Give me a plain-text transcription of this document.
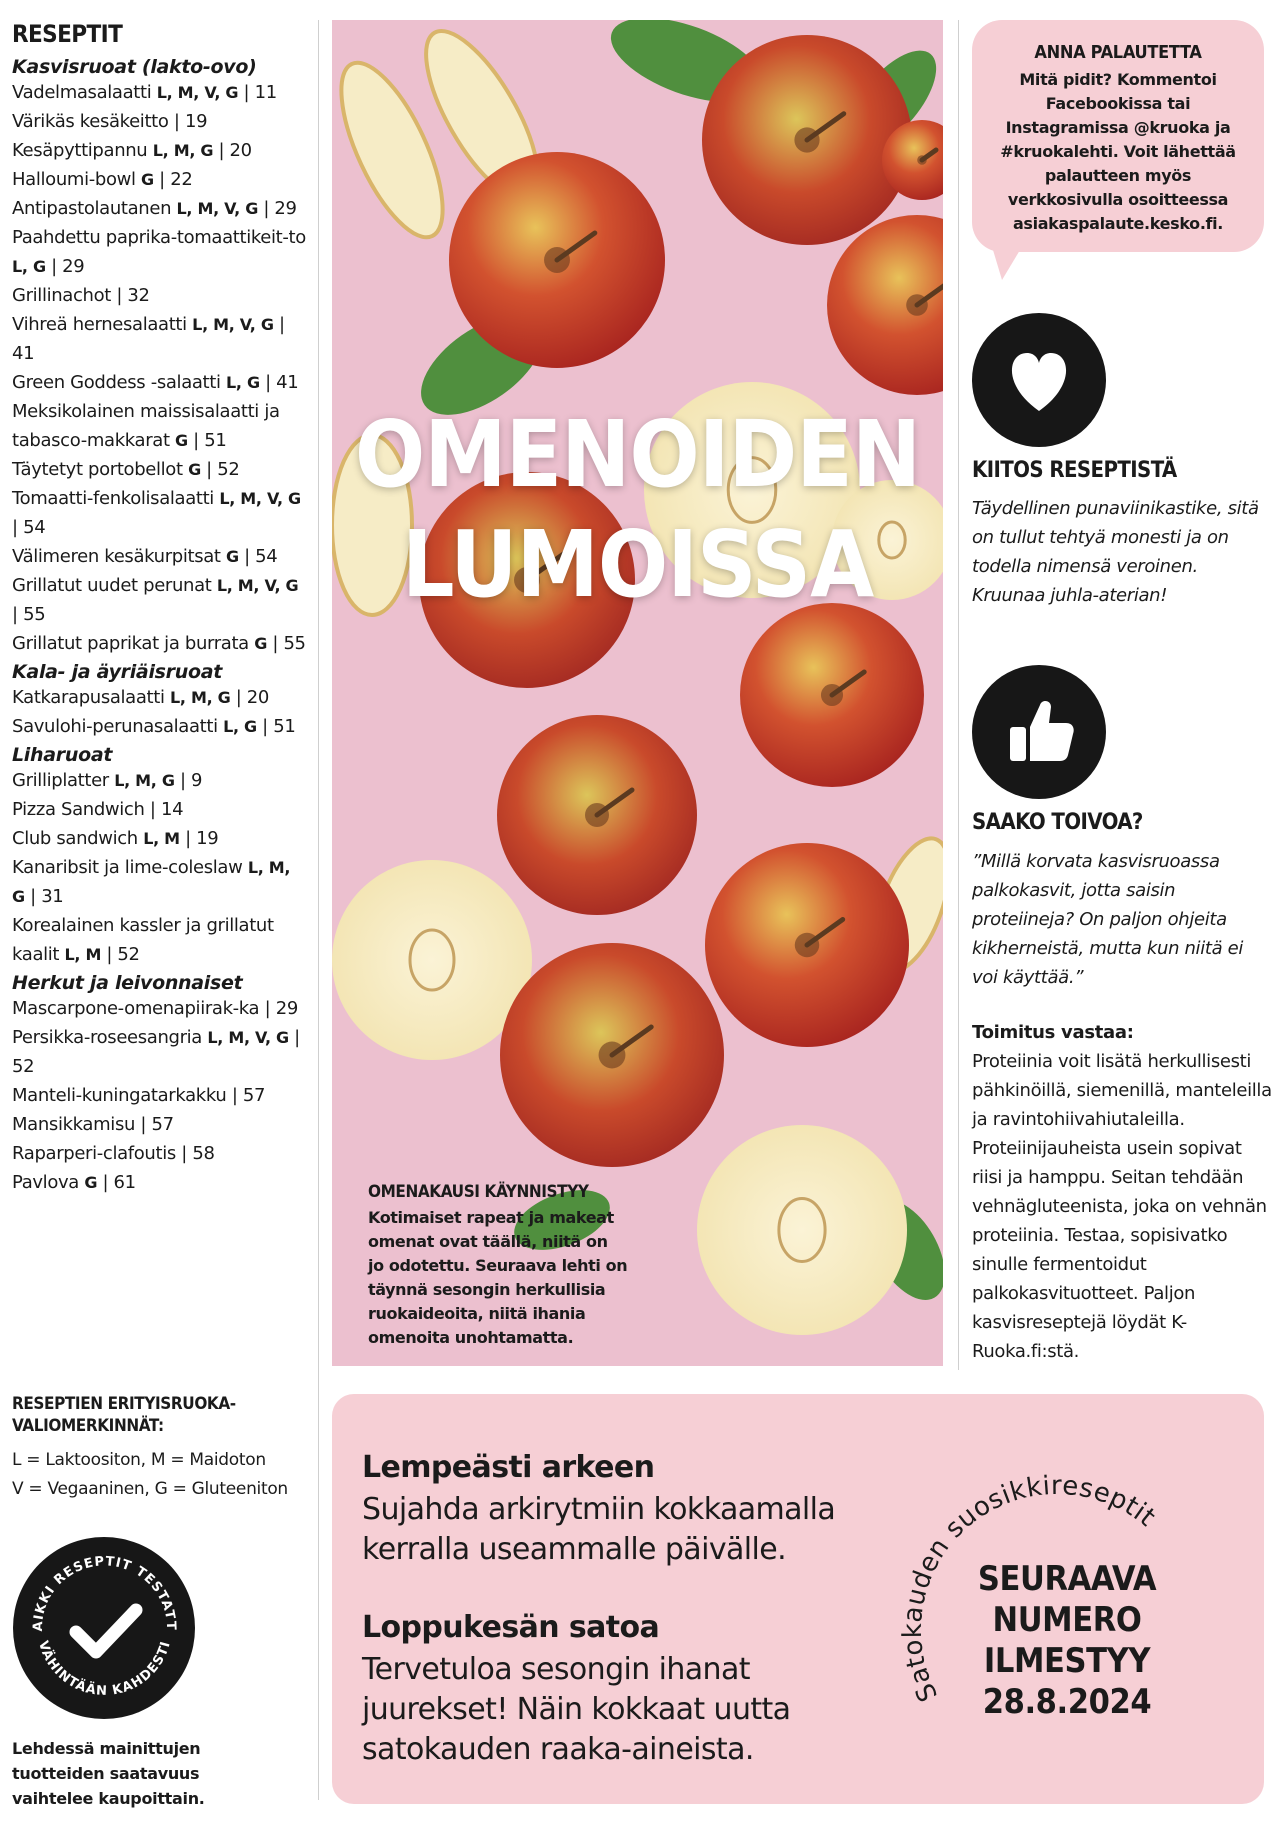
RESEPTIT
Kasvisruoat (lakto-ovo)
Vadelmasalaatti L, M, V, G | 11
Värikäs kesäkeitto | 19
Kesäpyttipannu L, M, G | 20
Halloumi-bowl G | 22
Antipastolautanen L, M, V, G | 29
Paahdettu paprika-tomaattikeit-to L, G | 29
Grillinachot | 32
Vihreä hernesalaatti L, M, V, G | 41
Green Goddess -salaatti L, G | 41
Meksikolainen maissisalaatti ja tabasco-makkarat G | 51
Täytetyt portobellot G | 52
Tomaatti-fenkolisalaatti L, M, V, G | 54
Välimeren kesäkurpitsat G | 54
Grillatut uudet perunat L, M, V, G | 55
Grillatut paprikat ja burrata G | 55
Kala- ja äyriäisruoat
Katkarapusalaatti L, M, G | 20
Savulohi-perunasalaatti L, G | 51
Liharuoat
Grilliplatter L, M, G | 9
Pizza Sandwich | 14
Club sandwich L, M | 19
Kanaribsit ja lime-coleslaw L, M, G | 31
Korealainen kassler ja grillatut kaalit L, M | 52
Herkut ja leivonnaiset
Mascarpone-omenapiirak-ka | 29
Persikka-roseesangria L, M, V, G | 52
Manteli-kuningatarkakku | 57
Mansikkamisu | 57
Raparperi-clafoutis | 58
Pavlova G | 61
RESEPTIEN ERITYISRUOKA-VALIOMERKINNÄT:
L = Laktoositon, M = Maidoton
V = Vegaaninen, G = Gluteeniton
AIKKI RESEPTIT TESTATT
VÄHINTÄÄN KAHDESTI
Lehdessä mainittujen tuotteiden saatavuus vaihtelee kaupoittain.
OMENOIDEN
LUMOISSA
OMENAKAUSI KÄYNNISTYY
Kotimaiset rapeat ja makeat omenat ovat täällä, niitä on jo odotettu. Seuraava lehti on täynnä sesongin herkullisia ruokaideoita, niitä ihania omenoita unohtamatta.
ANNA PALAUTETTA
Mitä pidit? Kommentoi Facebookissa tai Instagramissa @kruoka ja #kruokalehti. Voit lähettää palautteen myös verkkosivulla osoitteessa asiakaspalaute.kesko.fi.
KIITOS RESEPTISTÄ
Täydellinen punaviinikastike, sitä on tullut tehtyä monesti ja on todella nimensä veroinen. Kruunaa juhla-aterian!
SAAKO TOIVOA?
”Millä korvata kasvisruoassa palkokasvit, jotta saisin proteiineja? On paljon ohjeita kikherneistä, mutta kun niitä ei voi käyttää.”
Toimitus vastaa:
Proteiinia voit lisätä herkullisesti pähkinöillä, siemenillä, manteleilla ja ravintohiivahiutaleilla. Proteiinijauheista usein sopivat riisi ja hamppu. Seitan tehdään vehnägluteenista, joka on vehnän proteiinia. Testaa, sopisivatko sinulle fermentoidut palkokasvituotteet. Paljon kasvisreseptejä löydät K-Ruoka.fi:stä.
Lempeästi arkeen
Sujahda arkirytmiin kokkaamalla kerralla useammalle päivälle.
Loppukesän satoa
Tervetuloa sesongin ihanat juurekset! Näin kokkaat uutta satokauden raaka-aineista.
Satokauden suosikkireseptit
SEURAAVA NUMERO ILMESTYY 28.8.2024
